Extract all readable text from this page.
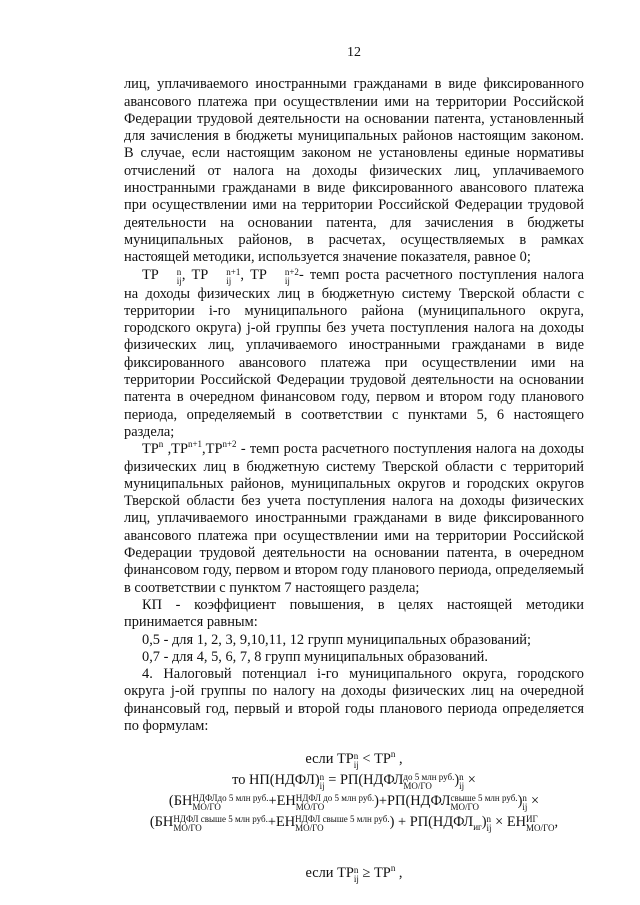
12

лиц, уплачиваемого иностранными гражданами в виде фиксированного авансового платежа при осуществлении ими на территории Российской Федерации трудовой деятельности на основании патента, установленный для зачисления в бюджеты муниципальных районов настоящим законом. В случае, если настоящим законом не установлены единые нормативы отчислений от налога на доходы физических лиц, уплачиваемого иностранными гражданами в виде фиксированного авансового платежа при осуществлении ими на территории Российской Федерации трудовой деятельности на основании патента, для зачисления в бюджеты муниципальных районов, в расчетах, осуществляемых в рамках настоящей методики, используется значение показателя, равное 0;

ТР	n
ij , ТР	n+1
ij , ТР	n+2
ij - темп роста расчетного поступления налога на доходы физических лиц в бюджетную систему Тверской области с территории i-го муниципального района (муниципального округа, городского округа) j-ой группы без учета поступления налога на доходы физических лиц, уплачиваемого иностранными гражданами в виде фиксированного авансового платежа при осуществлении ими на территории Российской Федерации трудовой деятельности на основании патента в очередном финансовом году, первом и втором году планового периода, определяемый в соответствии с пунктами 5, 6 настоящего раздела;

$ТР^n$ $,ТР^{n+1},ТР^{n+2}$ - темп роста расчетного поступления налога на доходы физических лиц в бюджетную систему Тверской области с территорий муниципальных районов, муниципальных округов и городских округов Тверской области без учета поступления налога на доходы физических лиц, уплачиваемого иностранными гражданами в виде фиксированного авансового платежа при осуществлении ими на территории Российской Федерации трудовой деятельности на основании патента, в очередном финансовом году, первом и втором году планового периода, определяемый в соответствии с пунктом 7 настоящего раздела;

КП - коэффициент повышения, в целях настоящей методики принимается равным:

0,5 - для 1, 2, 3, 9,10,11, 12 групп муниципальных образований;

0,7 - для 4, 5, 6, 7, 8 групп муниципальных образований.

4. Налоговый потенциал i-го муниципального округа, городского округа j-ой группы по налогу на доходы физических лиц на очередной финансовый год, первый и второй годы планового периода определяется по формулам:

если ТР n
ij < $ТР^n$ ,
то НП(НДФЛ) n
ij = РП(НДФЛ до 5 млн руб.
МО/ГО	) n
ij ×
(БН НДФЛдо 5 млн руб.
МО/ГО	+ЕН НДФЛ до 5 млн руб.
МО/ГО	)+РП(НДФЛ свыше 5 млн руб.
МО/ГО	) n
ij ×
(БН НДФЛ свыше 5 млн руб.
МО/ГО	+ЕН НДФЛ свыше 5 млн руб.
МО/ГО	) + $РП(НДФЛ_{иг})$ n
ij × ЕН ИГ
МО/ГО ,
если ТР n
ij ≥ $ТР^n$ ,
